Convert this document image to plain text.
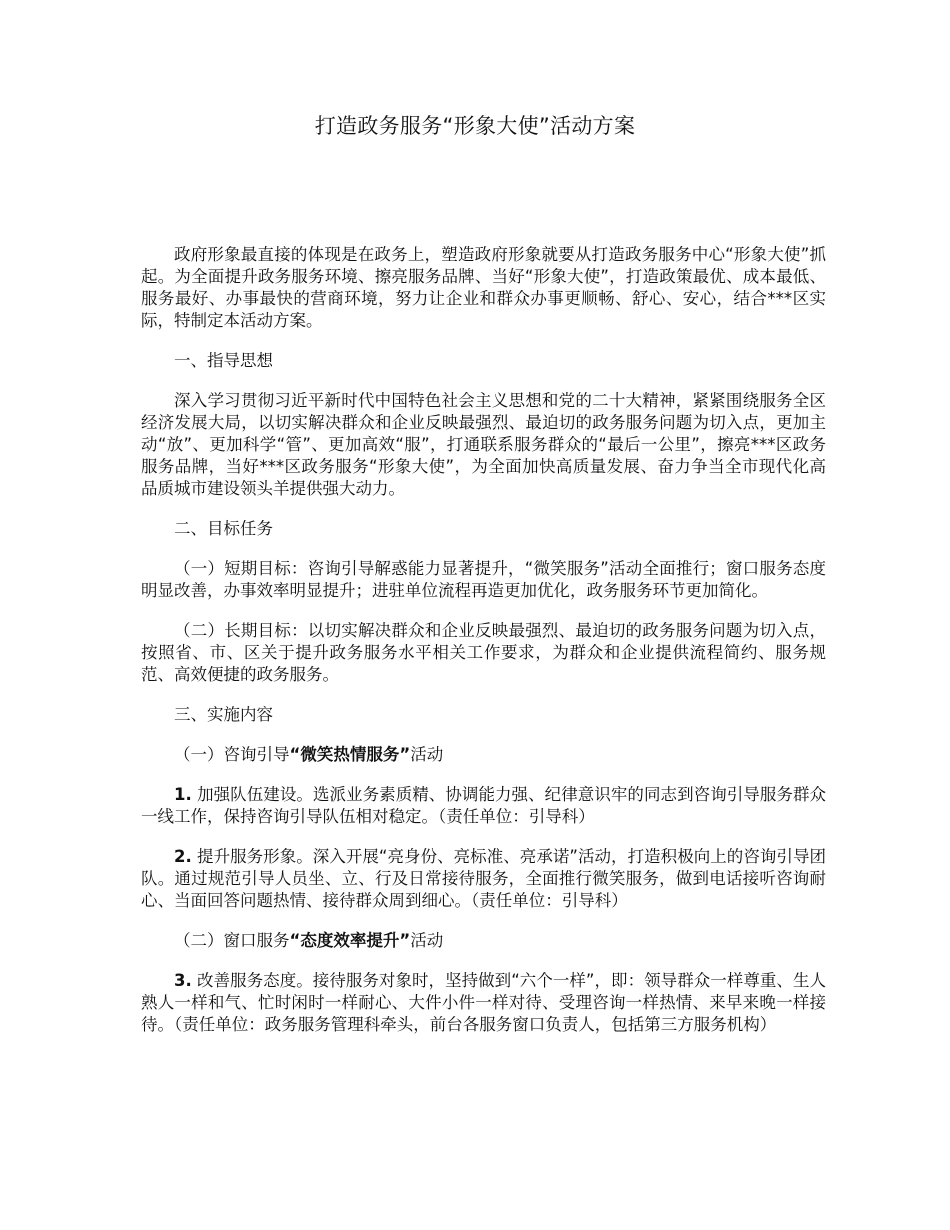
打造政务服务“形象大使”活动方案

政府形象最直接的体现是在政务上，塑造政府形象就要从打造政务服务中心“形象大使”抓起。为全面提升政务服务环境、擦亮服务品牌、当好“形象大使”，打造政策最优、成本最低、服务最好、办事最快的营商环境，努力让企业和群众办事更顺畅、舒心、安心，结合***区实际，特制定本活动方案。

一、指导思想

深入学习贯彻习近平新时代中国特色社会主义思想和党的二十大精神，紧紧围绕服务全区经济发展大局，以切实解决群众和企业反映最强烈、最迫切的政务服务问题为切入点，更加主动“放”、更加科学“管”、更加高效“服”，打通联系服务群众的“最后一公里”，擦亮***区政务服务品牌，当好***区政务服务“形象大使”，为全面加快高质量发展、奋力争当全市现代化高品质城市建设领头羊提供强大动力。

二、目标任务

（一）短期目标：咨询引导解惑能力显著提升，“微笑服务”活动全面推行；窗口服务态度明显改善，办事效率明显提升；进驻单位流程再造更加优化，政务服务环节更加简化。

（二）长期目标：以切实解决群众和企业反映最强烈、最迫切的政务服务问题为切入点，按照省、市、区关于提升政务服务水平相关工作要求，为群众和企业提供流程简约、服务规范、高效便捷的政务服务。

三、实施内容

（一）咨询引导“微笑热情服务”活动

1. 加强队伍建设。选派业务素质精、协调能力强、纪律意识牢的同志到咨询引导服务群众一线工作，保持咨询引导队伍相对稳定。（责任单位：引导科）

2. 提升服务形象。深入开展“亮身份、亮标准、亮承诺”活动，打造积极向上的咨询引导团队。通过规范引导人员坐、立、行及日常接待服务，全面推行微笑服务，做到电话接听咨询耐心、当面回答问题热情、接待群众周到细心。（责任单位：引导科）

（二）窗口服务“态度效率提升”活动

3. 改善服务态度。接待服务对象时，坚持做到“六个一样”，即：领导群众一样尊重、生人熟人一样和气、忙时闲时一样耐心、大件小件一样对待、受理咨询一样热情、来早来晚一样接待。（责任单位：政务服务管理科牵头，前台各服务窗口负责人，包括第三方服务机构）
